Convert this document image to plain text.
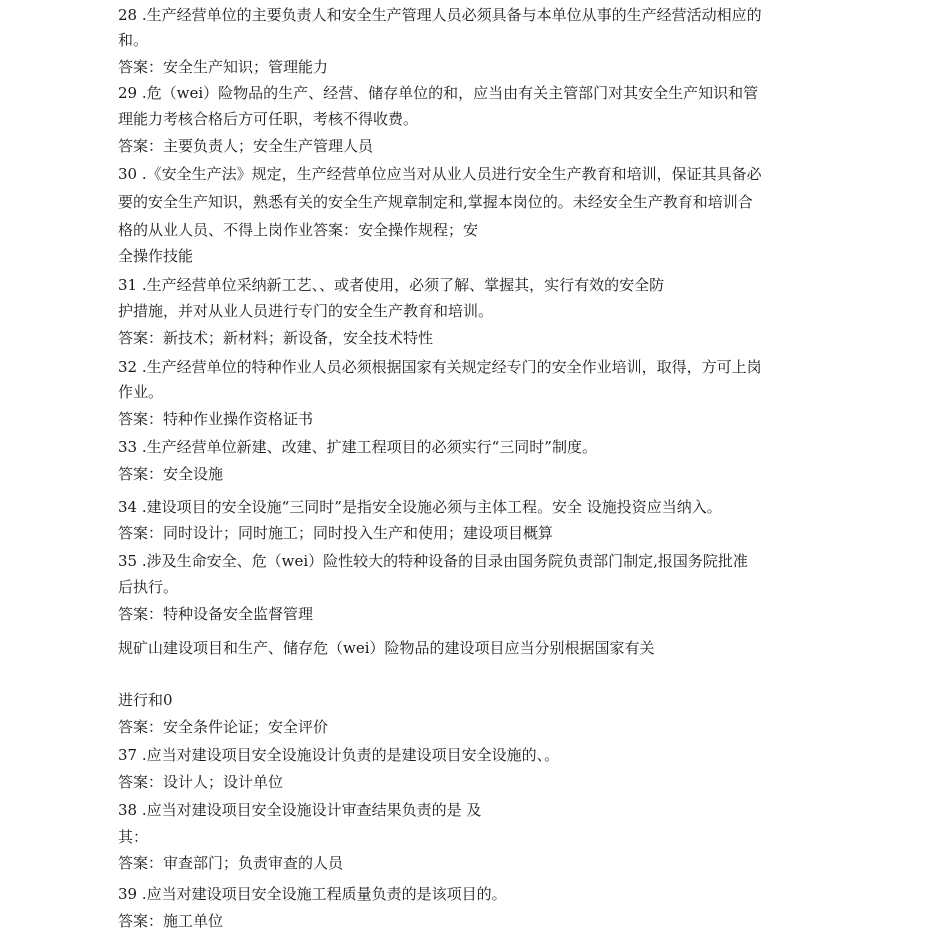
28 .生产经营单位的主要负责人和安全生产管理人员必须具备与本单位从事的生产经营活动相应的
和。
答案：安全生产知识；管理能力
29 .危（wei）险物品的生产、经营、储存单位的和，应当由有关主管部门对其安全生产知识和管
理能力考核合格后方可任职，考核不得收费。
答案：主要负责人；安全生产管理人员
30 .《安全生产法》规定，生产经营单位应当对从业人员进行安全生产教育和培训，保证其具备必
要的安全生产知识，熟悉有关的安全生产规章制定和,掌握本岗位的。未经安全生产教育和培训合
格的从业人员、不得上岗作业答案：安全操作规程；安
全操作技能
31 .生产经营单位采纳新工艺、、或者使用，必须了解、掌握其，实行有效的安全防
护措施，并对从业人员进行专门的安全生产教育和培训。
答案：新技术；新材料；新设备，安全技术特性
32 .生产经营单位的特种作业人员必须根据国家有关规定经专门的安全作业培训，取得，方可上岗
作业。
答案：特种作业操作资格证书
33 .生产经营单位新建、改建、扩建工程项目的必须实行“三同时”制度。
答案：安全设施
34 .建设项目的安全设施“三同时”是指安全设施必须与主体工程。安全 设施投资应当纳入。
答案：同时设计；同时施工；同时投入生产和使用；建设项目概算
35 .涉及生命安全、危（wei）险性较大的特种设备的目录由国务院负责部门制定,报国务院批准
后执行。
答案：特种设备安全监督管理
规矿山建设项目和生产、储存危（wei）险物品的建设项目应当分别根据国家有关
进行和0
答案：安全条件论证；安全评价
37 .应当对建设项目安全设施设计负责的是建设项目安全设施的、。
答案：设计人；设计单位
38 .应当对建设项目安全设施设计审查结果负责的是 及
其：
答案：审查部门；负责审查的人员
39 .应当对建设项目安全设施工程质量负责的是该项目的。
答案：施工单位
